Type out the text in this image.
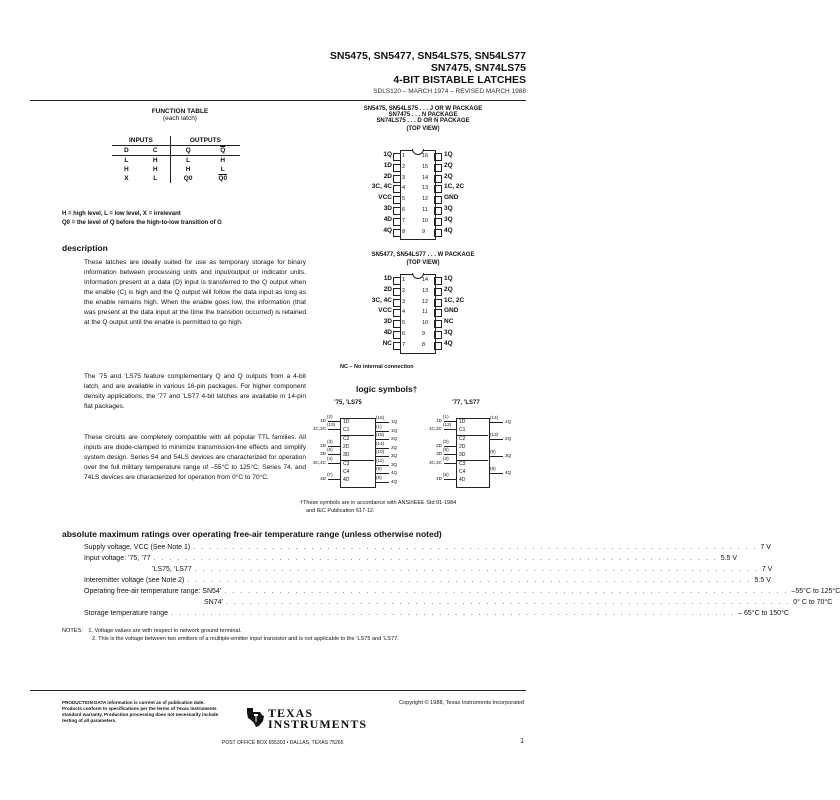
SN5475, SN5477, SN54LS75, SN54LS77
SN7475, SN74LS75
4-BIT BISTABLE LATCHES
SDLS120 – MARCH 1974 – REVISED MARCH 1988
FUNCTION TABLE
(each latch)
INPUTS		OUTPUTS	
D	C	Q	$\overline{Q}$
L	H	L	H
H	H	H	L
X	L	Q0	Q0
H = high level, L = low level, X = irrelevant
Q0 = the level of Q before the high-to-low transition of G
SN5475, SN54LS75 . . . J OR W PACKAGE
SN7475 . . . N PACKAGE
SN74LS75 . . . D OR N PACKAGE
(TOP VIEW)
1Q 1
1D 2
2D 3
3C, 4C 4
VCC 5
3D 6
4D 7
4Q 8
16 1Q
15 2Q
14 2Q
13 1C, 2C
12 GND
11	3Q
10 3Q
9	4Q
SN5477, SN54LS77 . . . W PACKAGE
(TOP VIEW)
1D 1
2D 2
3C, 4C 3
VCC 4
3D 5
4D 6
NC 7
14 1Q
13 2Q
12 1C, 2C
11	GND
10 NC
9	3Q
8	4Q
NC – No internal connection
description
These latches are ideally suited for use as temporary storage for binary information between processing units and input/output or indicator units. Information present at a data (D) input is transferred to the Q output when the enable (C) is high and the Q output will follow the data input as long as the enable remains high. When the enable goes low, the information (that was present at the data input at the time the transition occurred) is retained at the Q output until the enable is permitted to go high.
The ’75 and ’LS75 feature complementary Q and Q outputs from a 4-bit latch, and are available in various 16-pin packages. For higher component density applications, the ’77 and ’LS77 4-bit latches are available in 14-pin flat packages.
These circuits are completely compatible with all popular TTL families. All inputs are diode-clamped to minimize transmission-line effects and simplify system design. Series 54 and 54LS devices are characterized for operation over the full military temperature range of –55°C to 125°C; Series 74, and 74LS devices are characterized for operation from 0°C to 70°C.
logic symbols†
’75, ’LS75	’77, ’LS77
1D
C1
C2
2D
3D
C3
C4
4D
1D
(2)
1C,2C
(13)
2D
(3)
3D
(6)
3C,4C
(4)
4D
(7)
(16)
1Q
(1)
1Q
(15)
2Q
(14)
2Q
(10)
3Q
(11)
3Q
(9)
4Q
(8)
4Q
1D
C1
C2
2D
3D
C3
C4
4D
1D
(1)
1C,2C
(12)
2D
(2)
3D
(5)
3C,4C
(3)
4D
(6)
(14)
1Q
(13)
2Q
(9)
3Q
(8)
4Q
†These symbols are in accordance with ANSI/IEEE Std 91-1984
and IEC Publication 617-12.
absolute maximum ratings over operating free-air temperature range (unless otherwise noted)
Supply voltage, VCC (See Note 1) . . . . . . . . . . . . . . . . . . . . . . . . . . . . . . . . . . . . . . . . . . . . . . . . . . . . . . . . . . . . . . . . . . . . . . . . 7 V
Input voltage: ’75, ’77 . . . . . . . . . . . . . . . . . . . . . . . . . . . . . . . . . . . . . . . . . . . . . . . . . . . . . . . . . . . . . . . . . . . . . . . . 5.5 V
’LS75, ’LS77 . . . . . . . . . . . . . . . . . . . . . . . . . . . . . . . . . . . . . . . . . . . . . . . . . . . . . . . . . . . . . . . . . . . . . . . . 7 V
Interemitter voltage (see Note 2) . . . . . . . . . . . . . . . . . . . . . . . . . . . . . . . . . . . . . . . . . . . . . . . . . . . . . . . . . . . . . . . . . . . . . . . . 5.5 V
Operating free-air temperature range: SN54’ . . . . . . . . . . . . . . . . . . . . . . . . . . . . . . . . . . . . . . . . . . . . . . . . . . . . . . . . . . . . . . . . . . . . . . . . –55°C to 125°C
SN74’ . . . . . . . . . . . . . . . . . . . . . . . . . . . . . . . . . . . . . . . . . . . . . . . . . . . . . . . . . . . . . . . . . . . . . . . . 0° C to 70°C
Storage temperature range . . . . . . . . . . . . . . . . . . . . . . . . . . . . . . . . . . . . . . . . . . . . . . . . . . . . . . . . . . . . . . . . . . . . . . . . – 65°C to 150°C
NOTES: 1. Voltage values are with respect to network ground terminal.
2. This is the voltage between two emitters of a multiple-emitter input transistor and is not applicable to the ’LS75 and ’LS77.
PRODUCTION DATA information is current as of publication date. Products conform to specifications per the terms of Texas Instruments standard warranty. Production processing does not necessarily include testing of all parameters.
Copyright © 1988, Texas Instruments Incorporated
TEXAS
INSTRUMENTS
POST OFFICE BOX 655303 • DALLAS, TEXAS 75265	1
